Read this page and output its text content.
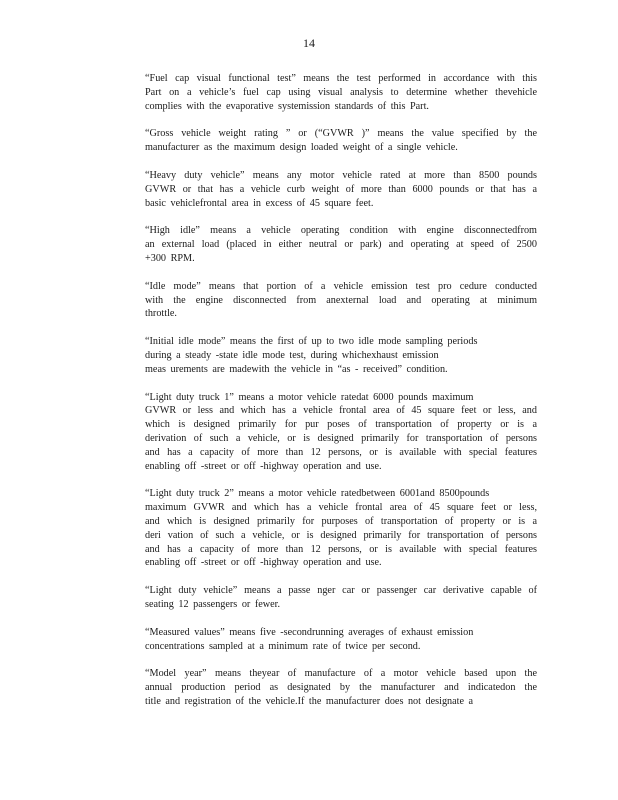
14
“Fuel cap visual functional test” means the test performed in accordance with this
Part on a vehicle’s fuel cap using visual analysis to determine whether thevehicle
complies with the evaporative systemission standards of this Part.
“Gross vehicle weight rating ” or (“GVWR )” means the value specified by the
manufacturer as the maximum design loaded weight of a single vehicle.
“Heavy duty vehicle” means any motor vehicle rated at more than 8500 pounds
GVWR or that has a vehicle curb weight of more than 6000 pounds or that has a
basic vehiclefrontal area in excess of 45 square feet.
“High idle” means a vehicle operating condition with engine disconnectedfrom
an external load (placed in either neutral or park) and operating at speed of 2500
+300 RPM.
“Idle mode” means that portion of a vehicle emission test pro cedure conducted
with the engine disconnected from anexternal load and operating at minimum
throttle.
“Initial idle mode” means the first of up to two idle mode sampling periods
during a steady -state idle mode test, during whichexhaust emission
meas urements are madewith the vehicle in “as - received” condition.
“Light duty truck 1” means a motor vehicle ratedat 6000 pounds maximum
GVWR or less and which has a vehicle frontal area of 45 square feet or less, and
which is designed primarily for pur poses of transportation of property or is a
derivation of such a vehicle, or is designed primarily for transportation of persons
and has a capacity of more than 12 persons, or is available with special features
enabling off -street or off -highway operation and use.
“Light duty truck 2” means a motor vehicle ratedbetween 6001and 8500pounds
maximum GVWR and which has a vehicle frontal area of 45 square feet or less,
and which is designed primarily for purposes of transportation of property or is a
deri vation of such a vehicle, or is designed primarily for transportation of persons
and has a capacity of more than 12 persons, or is available with special features
enabling off -street or off -highway operation and use.
“Light duty vehicle” means a passe nger car or passenger car derivative capable of
seating 12 passengers or fewer.
“Measured values” means five -secondrunning averages of exhaust emission
concentrations sampled at a minimum rate of twice per second.
“Model year” means theyear of manufacture of a motor vehicle based upon the
annual production period as designated by the manufacturer and indicatedon the
title and registration of the vehicle.If the manufacturer does not designate a
